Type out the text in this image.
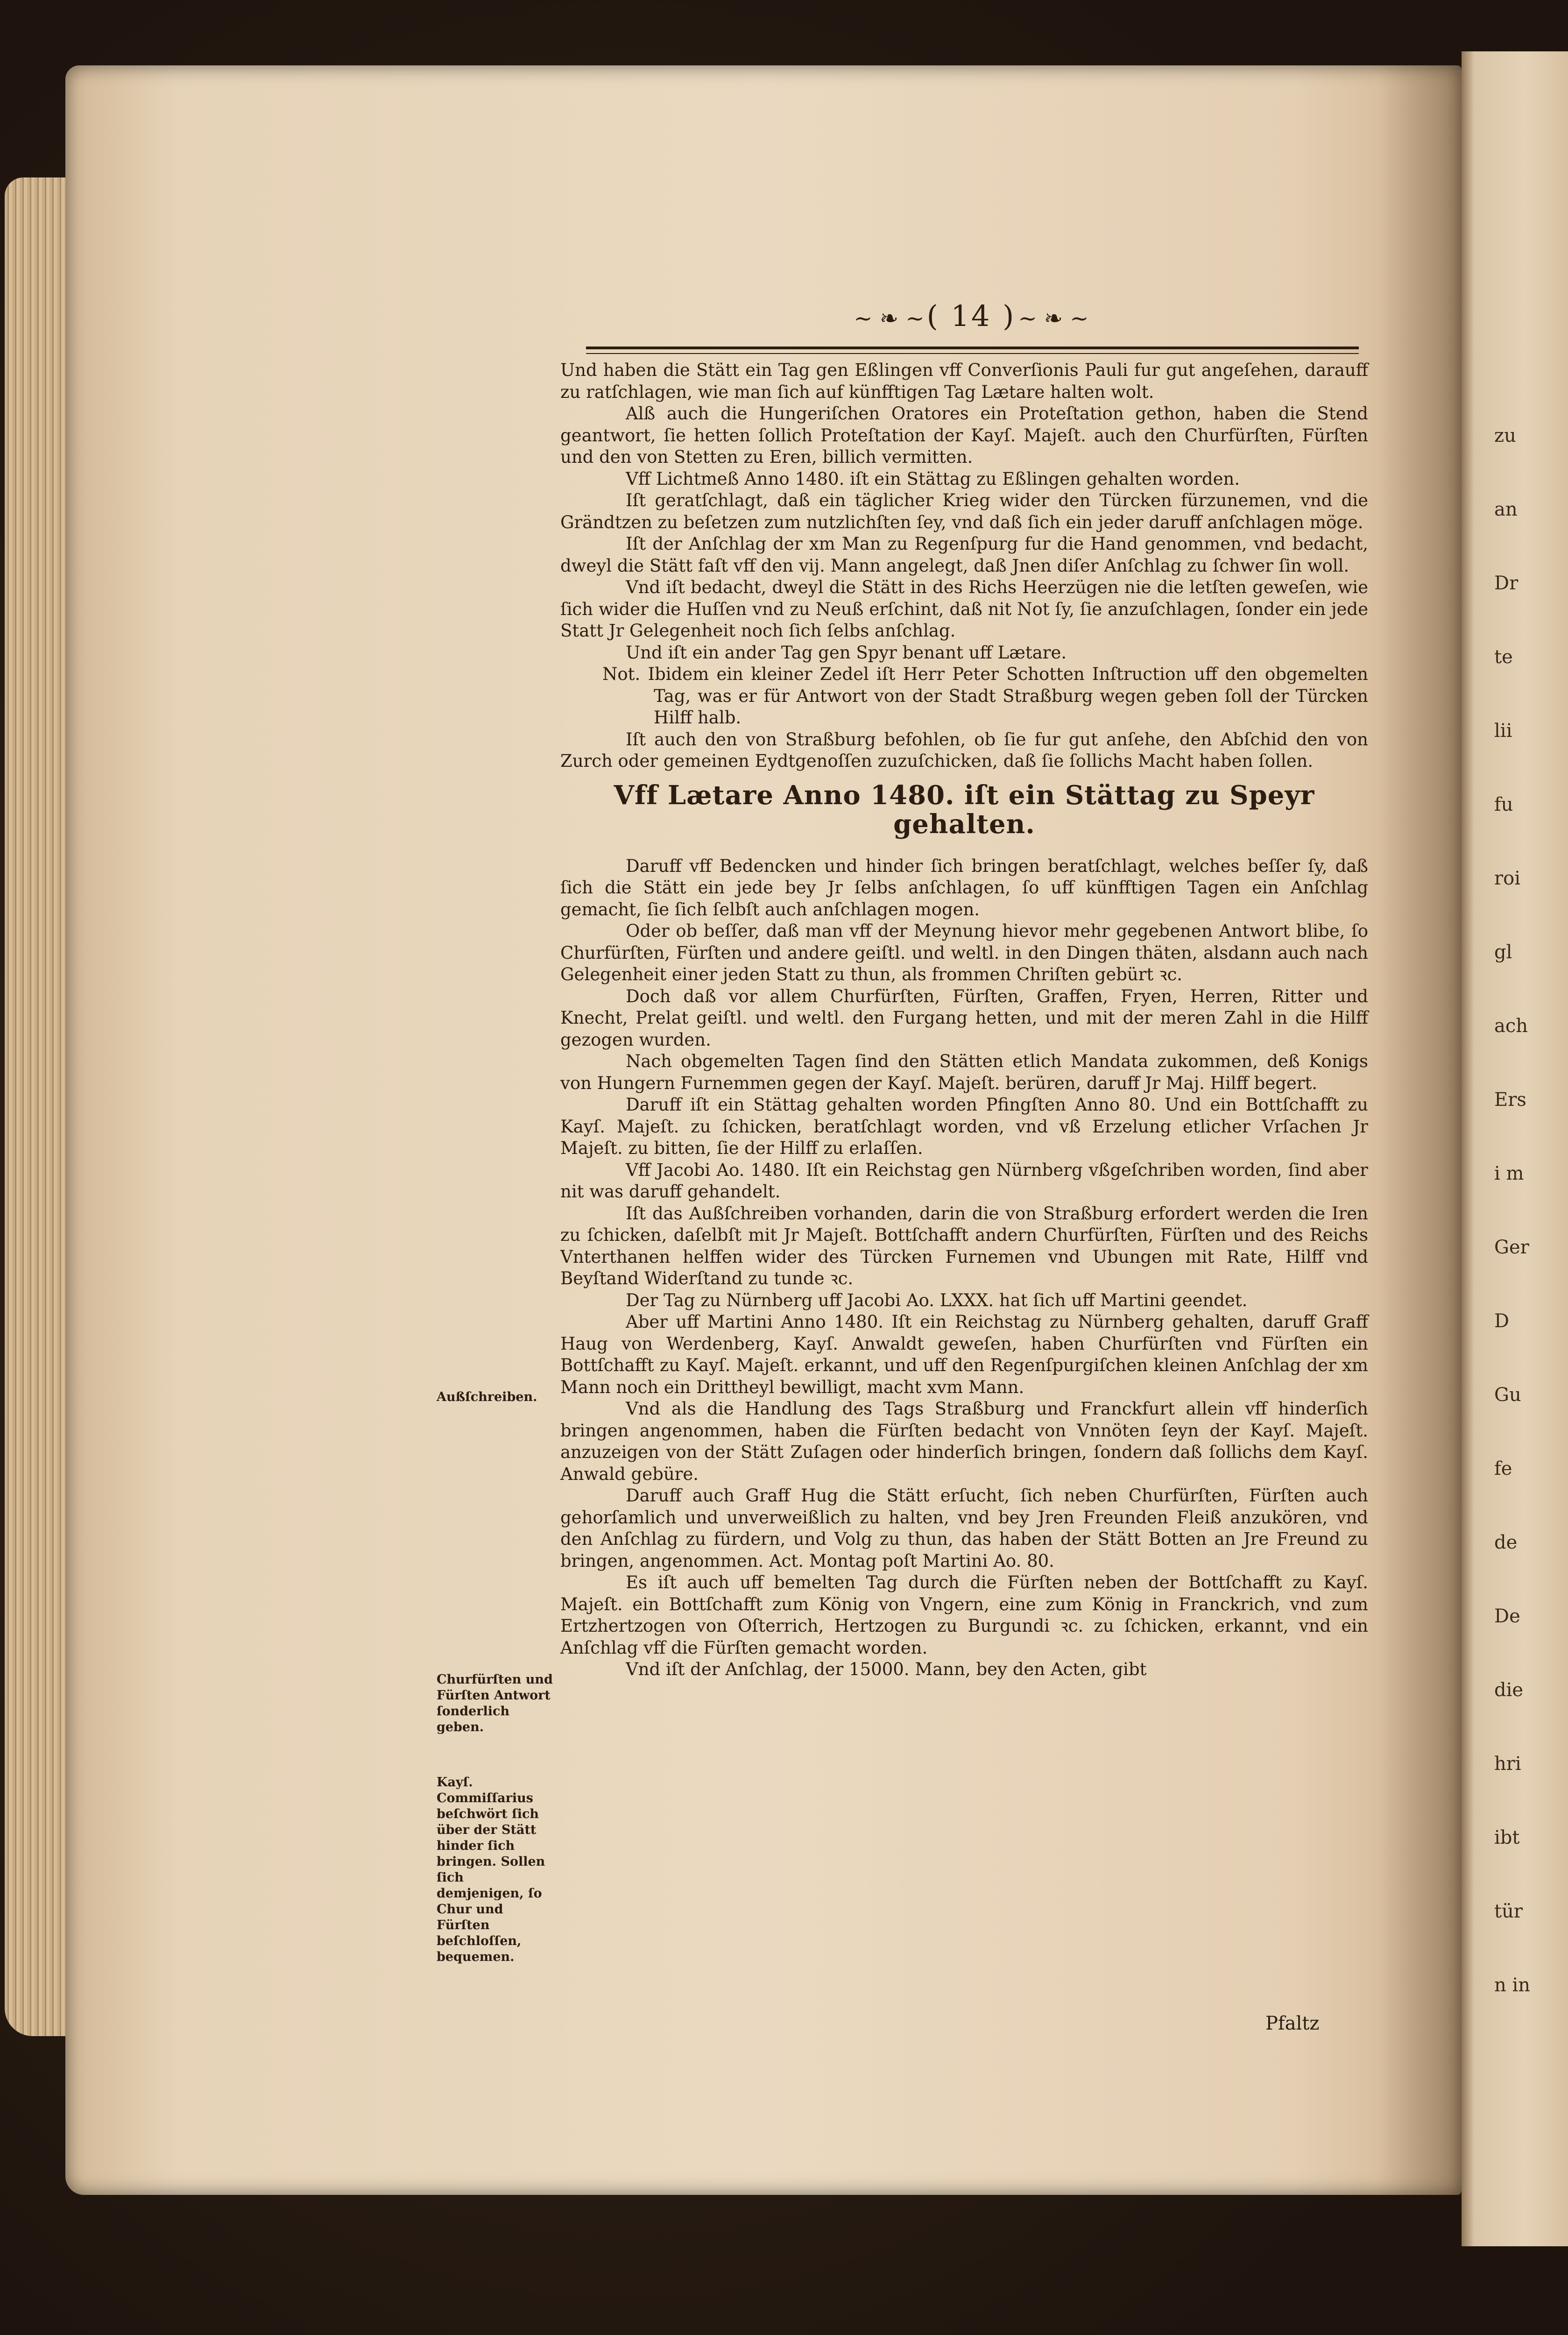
zu
an
Dr
te
lii
fu
roi
gl
ach
Ers
i m
Ger
D
Gu
fe
de
De
die
hri
ibt
tür
n in
~ ❧ ~ ( 14 ) ~ ❧ ~

Und haben die Stätt ein Tag gen Eßlingen vff Converſionis Pauli fur gut angeſehen, darauff zu ratſchlagen, wie man ſich auf künfftigen Tag Lætare halten wolt.

Alß auch die Hungeriſchen Oratores ein Proteſtation gethon, haben die Stend geantwort, ſie hetten ſollich Proteſtation der Kayſ. Majeſt. auch den Churfürſten, Fürſten und den von Stetten zu Eren, billich vermitten.

Vff Lichtmeß Anno 1480. iſt ein Stättag zu Eßlingen gehalten worden.

Iſt geratſchlagt, daß ein täglicher Krieg wider den Türcken fürzunemen, vnd die Grändtzen zu beſetzen zum nutzlichſten ſey, vnd daß ſich ein jeder daruff anſchlagen möge.

Iſt der Anſchlag der xm Man zu Regenſpurg fur die Hand genommen, vnd bedacht, dweyl die Stätt faſt vff den vij. Mann angelegt, daß Jnen diſer Anſchlag zu ſchwer ſin woll.

Vnd iſt bedacht, dweyl die Stätt in des Richs Heerzügen nie die letſten geweſen, wie ſich wider die Huſſen vnd zu Neuß erſchint, daß nit Not ſy, ſie anzuſchlagen, ſonder ein jede Statt Jr Gelegenheit noch ſich ſelbs anſchlag.

Und iſt ein ander Tag gen Spyr benant uff Lætare.

Not. Ibidem ein kleiner Zedel iſt Herr Peter Schotten Inſtruction uff den obgemelten Tag, was er für Antwort von der Stadt Straßburg wegen geben ſoll der Türcken Hilff halb.

Iſt auch den von Straßburg befohlen, ob ſie fur gut anſehe, den Abſchid den von Zurch oder gemeinen Eydtgenoſſen zuzuſchicken, daß ſie ſollichs Macht haben ſollen.

Vff Lætare Anno 1480. iſt ein Stättag zu Speyr gehalten.

Daruff vff Bedencken und hinder ſich bringen beratſchlagt, welches beſſer ſy, daß ſich die Stätt ein jede bey Jr ſelbs anſchlagen, ſo uff künfftigen Tagen ein Anſchlag gemacht, ſie ſich ſelbſt auch anſchlagen mogen.

Oder ob beſſer, daß man vff der Meynung hievor mehr gegebenen Antwort blibe, ſo Churfürſten, Fürſten und andere geiſtl. und weltl. in den Dingen thäten, alsdann auch nach Gelegenheit einer jeden Statt zu thun, als frommen Chriſten gebürt ꝛc.

Doch daß vor allem Churfürſten, Fürſten, Graffen, Fryen, Herren, Ritter und Knecht, Prelat geiſtl. und weltl. den Furgang hetten, und mit der meren Zahl in die Hilff gezogen wurden.

Nach obgemelten Tagen ſind den Stätten etlich Mandata zukommen, deß Konigs von Hungern Furnemmen gegen der Kayſ. Majeſt. berüren, daruff Jr Maj. Hilff begert.

Daruff iſt ein Stättag gehalten worden Pfingſten Anno 80. Und ein Bottſchafft zu Kayſ. Majeſt. zu ſchicken, beratſchlagt worden, vnd vß Erzelung etlicher Vrſachen Jr Majeſt. zu bitten, ſie der Hilff zu erlaſſen.

Vff Jacobi Ao. 1480. Iſt ein Reichstag gen Nürnberg vßgeſchriben worden, ſind aber nit was daruff gehandelt.

Iſt das Außſchreiben vorhanden, darin die von Straßburg erfordert werden die Iren zu ſchicken, daſelbſt mit Jr Majeſt. Bottſchafft andern Churfürſten, Fürſten und des Reichs Vnterthanen helffen wider des Türcken Furnemen vnd Ubungen mit Rate, Hilff vnd Beyſtand Widerſtand zu tunde ꝛc.

Der Tag zu Nürnberg uff Jacobi Ao. LXXX. hat ſich uff Martini geendet.

Aber uff Martini Anno 1480. Iſt ein Reichstag zu Nürnberg gehalten, daruff Graff Haug von Werdenberg, Kayſ. Anwaldt geweſen, haben Churfürſten vnd Fürſten ein Bottſchafft zu Kayſ. Majeſt. erkannt, und uff den Regenſpurgiſchen kleinen Anſchlag der xm Mann noch ein Drittheyl bewilligt, macht xvm Mann.

Vnd als die Handlung des Tags Straßburg und Franckfurt allein vff hinderſich bringen angenommen, haben die Fürſten bedacht von Vnnöten ſeyn der Kayſ. Majeſt. anzuzeigen von der Stätt Zuſagen oder hinderſich bringen, ſondern daß ſollichs dem Kayſ. Anwald gebüre.

Daruff auch Graff Hug die Stätt erſucht, ſich neben Churfürſten, Fürſten auch gehorſamlich und unverweißlich zu halten, vnd bey Jren Freunden Fleiß anzukören, vnd den Anſchlag zu fürdern, und Volg zu thun, das haben der Stätt Botten an Jre Freund zu bringen, angenommen. Act. Montag poſt Martini Ao. 80.

Es iſt auch uff bemelten Tag durch die Fürſten neben der Bottſchafft zu Kayſ. Majeſt. ein Bottſchafft zum König von Vngern, eine zum König in Franckrich, vnd zum Ertzhertzogen von Oſterrich, Hertzogen zu Burgundi ꝛc. zu ſchicken, erkannt, vnd ein Anſchlag vff die Fürſten gemacht worden.

Vnd iſt der Anſchlag, der 15000. Mann, bey den Acten, gibt

Außſchreiben.
Churfürſten und Fürſten Antwort ſonderlich geben.
Kayſ. Commiſſarius beſchwört ſich über der Stätt hinder ſich bringen. Sollen ſich demjenigen, ſo Chur und Fürſten beſchloſſen, bequemen.
Pfaltz
